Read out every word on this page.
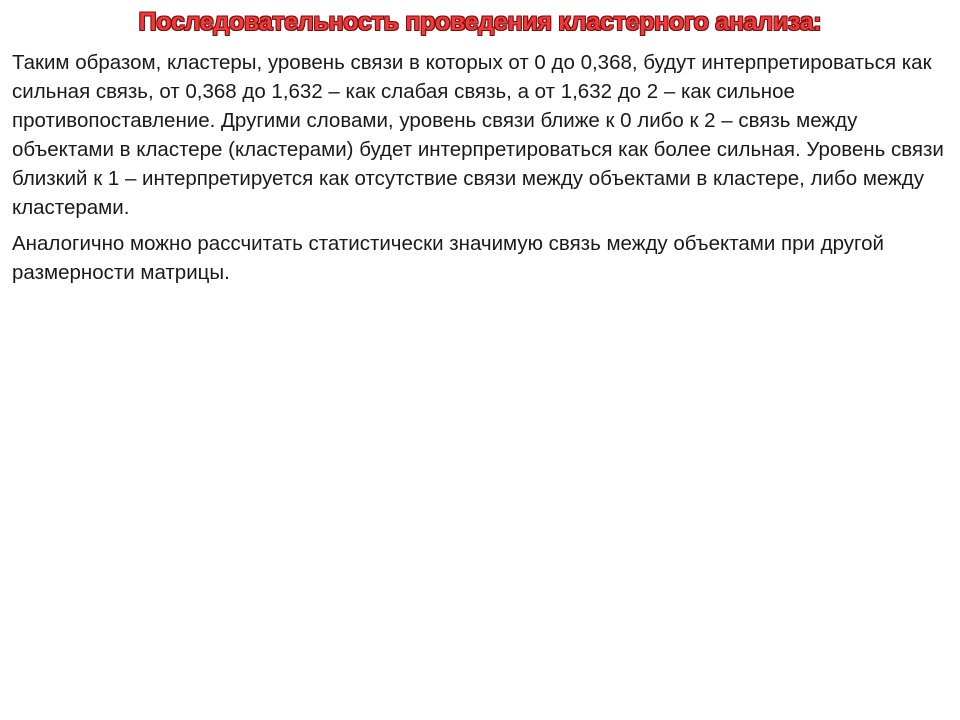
Последовательность проведения кластерного анализа:

Таким образом, кластеры, уровень связи в которых от 0 до 0,368, будут интерпретироваться как сильная связь, от 0,368 до 1,632 – как слабая связь, а от 1,632 до 2 – как сильное противопоставление. Другими словами, уровень связи ближе к 0 либо к 2 – связь между объектами в кластере (кластерами) будет интерпретироваться как более сильная. Уровень связи близкий к 1 – интерпретируется как отсутствие связи между объектами в кластере, либо между кластерами.

Аналогично можно рассчитать статистически значимую связь между объектами при другой размерности матрицы.
